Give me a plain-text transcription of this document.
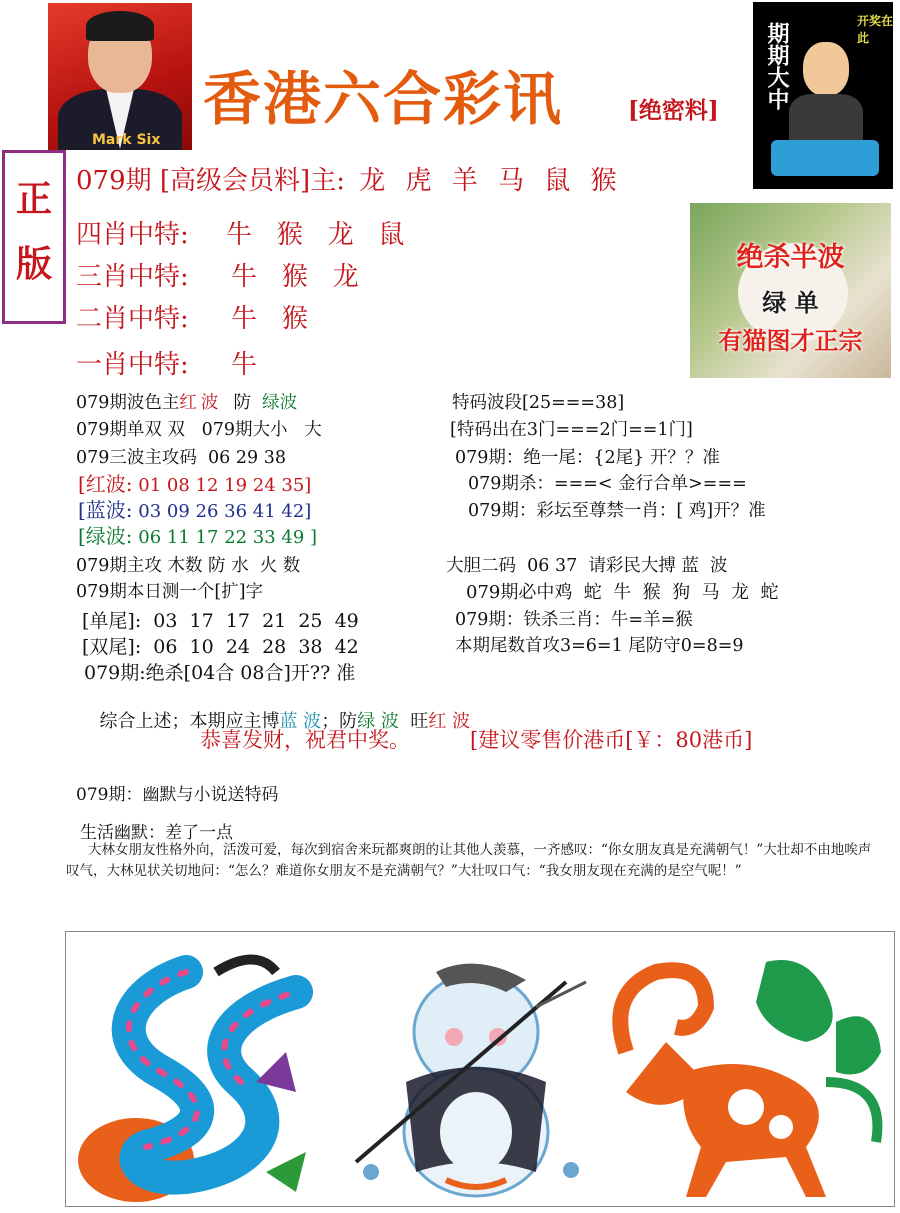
Mark Six
香港六合彩讯	[绝密料]
期期大中
开奖在此
正
版
079期 [高级会员料]主: 龙 虎 羊 马 鼠 猴
四肖中特: 牛   猴   龙   鼠
三肖中特: 牛   猴   龙
二肖中特: 牛   猴
一肖中特: 牛
绝杀半波
绿 单
有猫图才正宗
079期波色主红波  防  绿波
079期单双 双   079期大小   大
079三波主攻码  06 29 38
[红波: 01 08 12 19 24 35]
[蓝波: 03 09 26 36 41 42]
[绿波: 06 11 17 22 33 49 ]
079期主攻 木数 防 水  火 数
079期本日测一个[扩]字
[单尾]:  03  17  17  21  25  49
[双尾]:  06  10  24  28  38  42
079期:绝杀[04合 08合]开?? 准

综合上述；本期应主博蓝 波；防绿 波  旺红 波

特码波段[25===38]
[特码出在3门===2门==1门]
079期：绝一尾：{2尾} 开？？准
079期杀：===< 金行合单>===
079期：彩坛至尊禁一肖：[ 鸡]开？准
大胆二码  06 37  请彩民大搏 蓝  波
079期必中鸡  蛇  牛  猴  狗  马  龙  蛇
079期：铁杀三肖：牛=羊=猴
本期尾数首攻3=6=1 尾防守0=8=9
恭喜发财，祝君中奖。	[建议零售价港币[￥：80港币]
079期：幽默与小说送特码
生活幽默：差了一点
大林女朋友性格外向，活泼可爱，每次到宿舍来玩都爽朗的让其他人羡慕，一齐感叹：“你女朋友真是充满朝气！”大壮却不由地唉声叹气，大林见状关切地问：“怎么？难道你女朋友不是充满朝气？”大壮叹口气：“我女朋友现在充满的是空气呢！”
